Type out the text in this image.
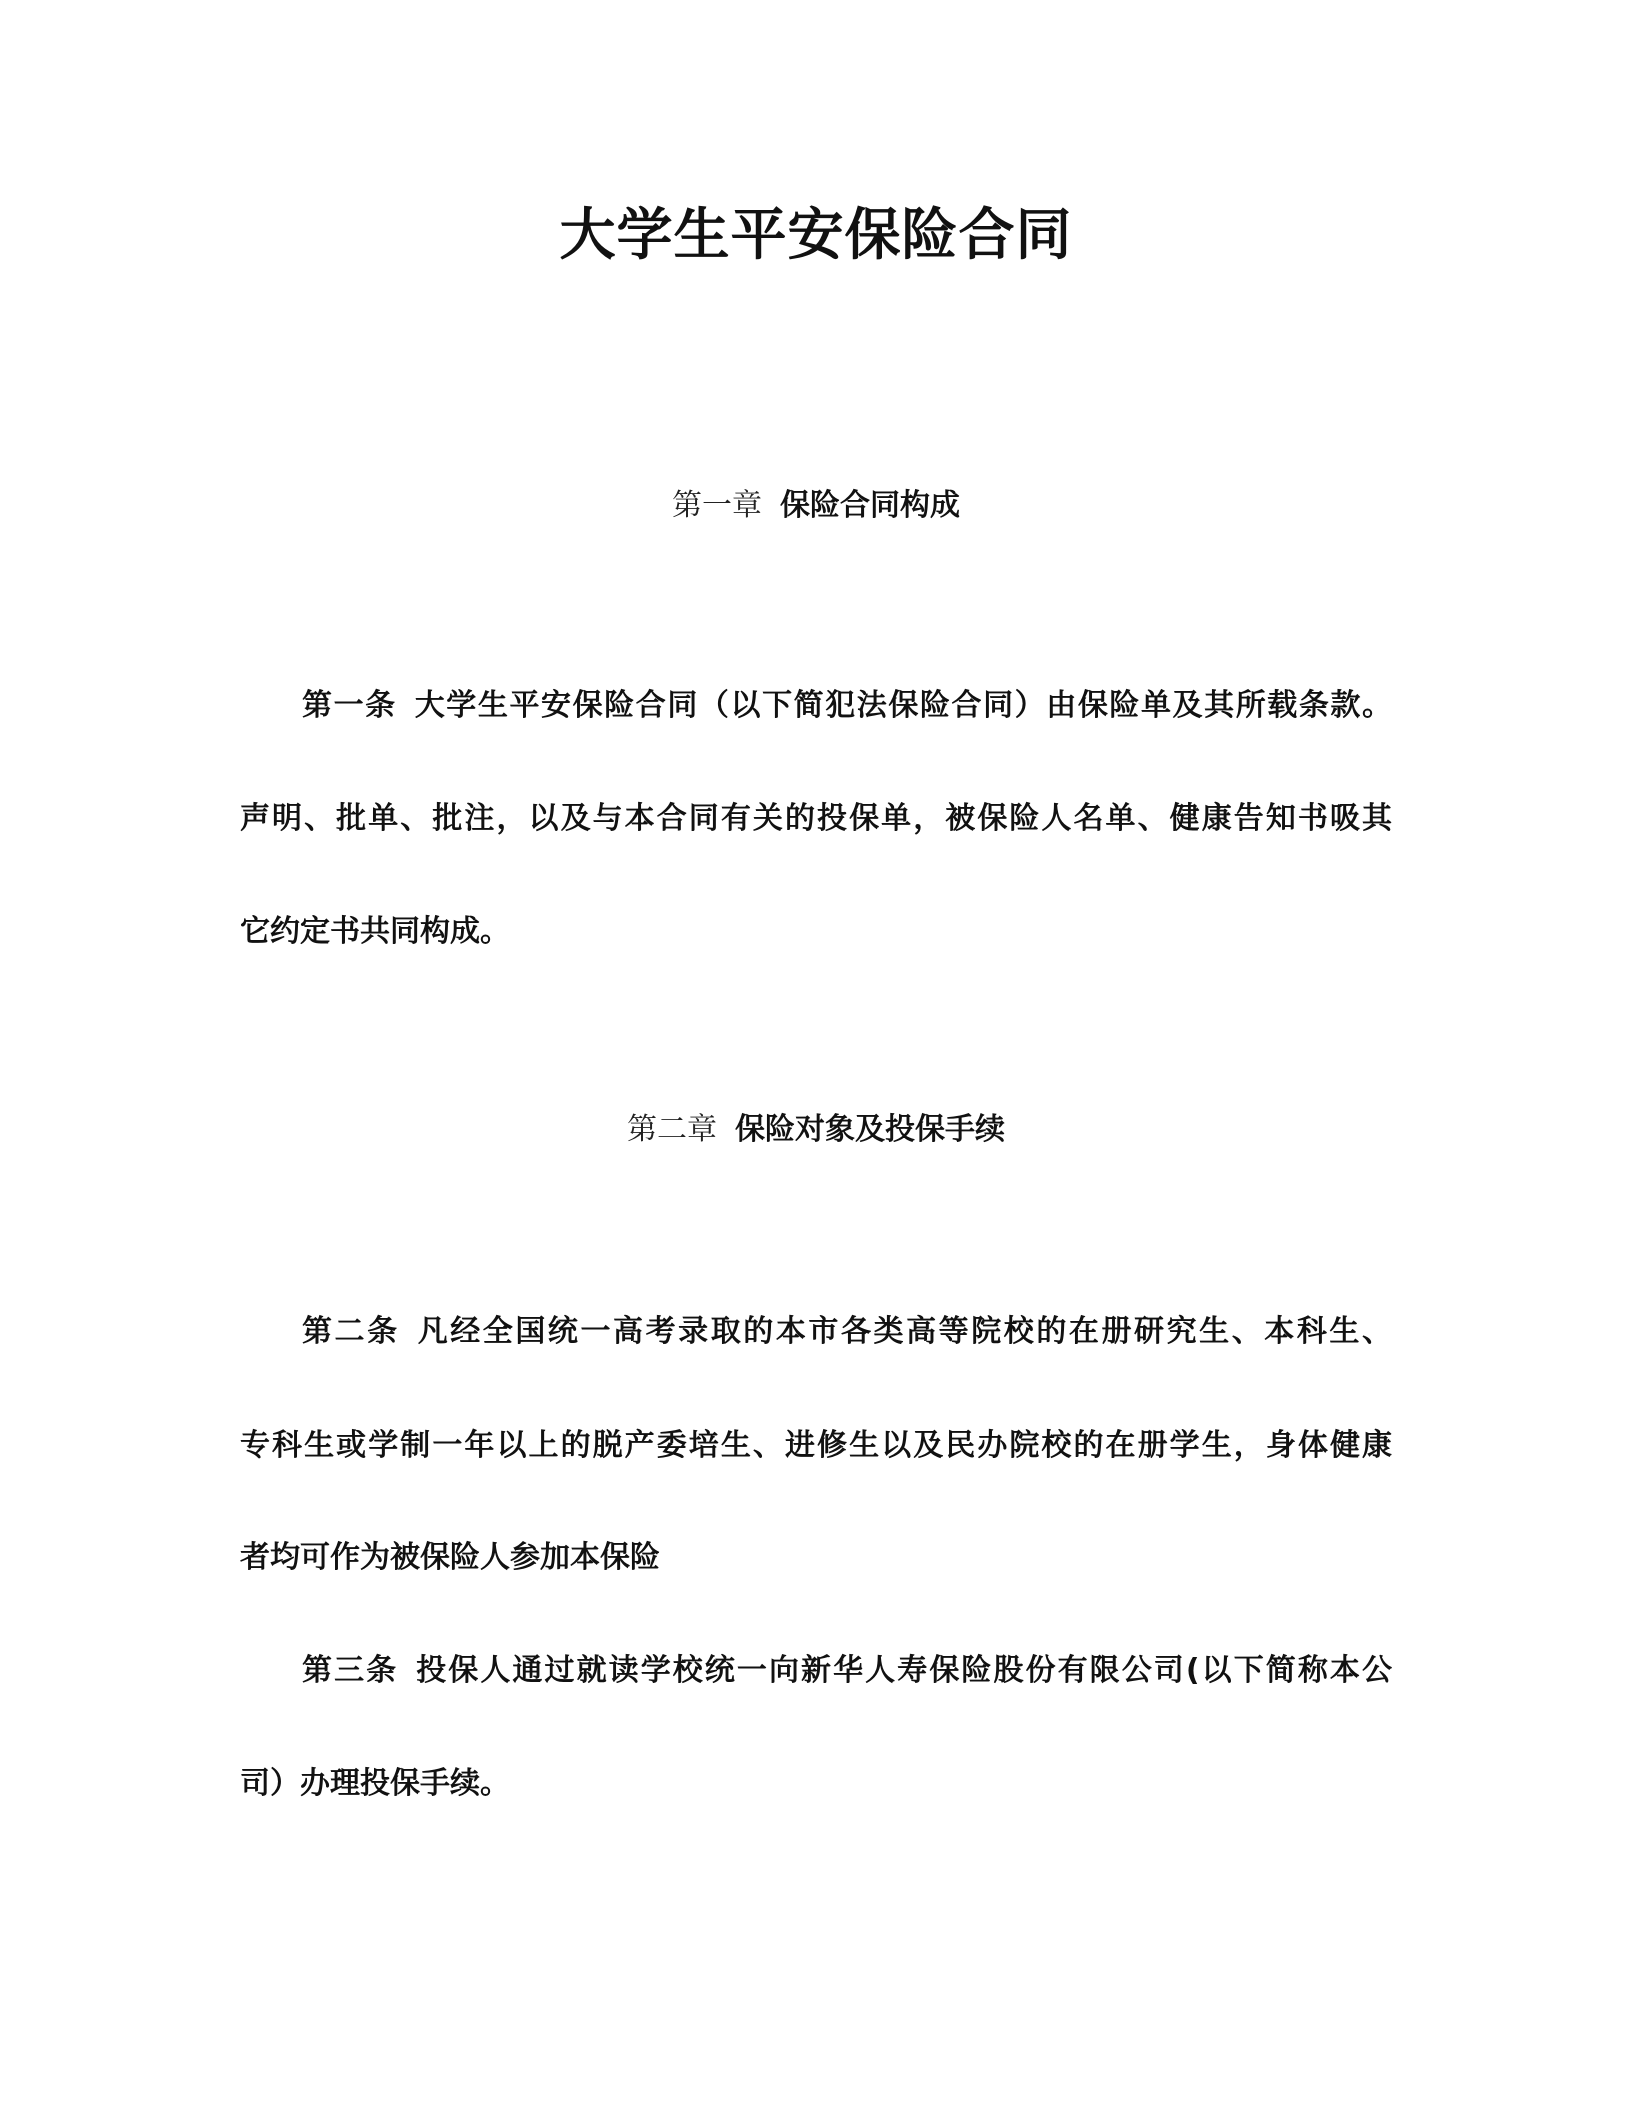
大学生平安保险合同
第一章 保险合同构成

第一条 大学生平安保险合同（以下简犯法保险合同）由保险单及其所载条款。

声明、批单、批注，以及与本合同有关的投保单，被保险人名单、健康告知书吸其

它约定书共同构成。

第二章 保险对象及投保手续

第二条 凡经全国统一高考录取的本市各类高等院校的在册研究生、本科生、

专科生或学制一年以上的脱产委培生、进修生以及民办院校的在册学生，身体健康

者均可作为被保险人参加本保险

第三条 投保人通过就读学校统一向新华人寿保险股份有限公司(以下简称本公

司）办理投保手续。
